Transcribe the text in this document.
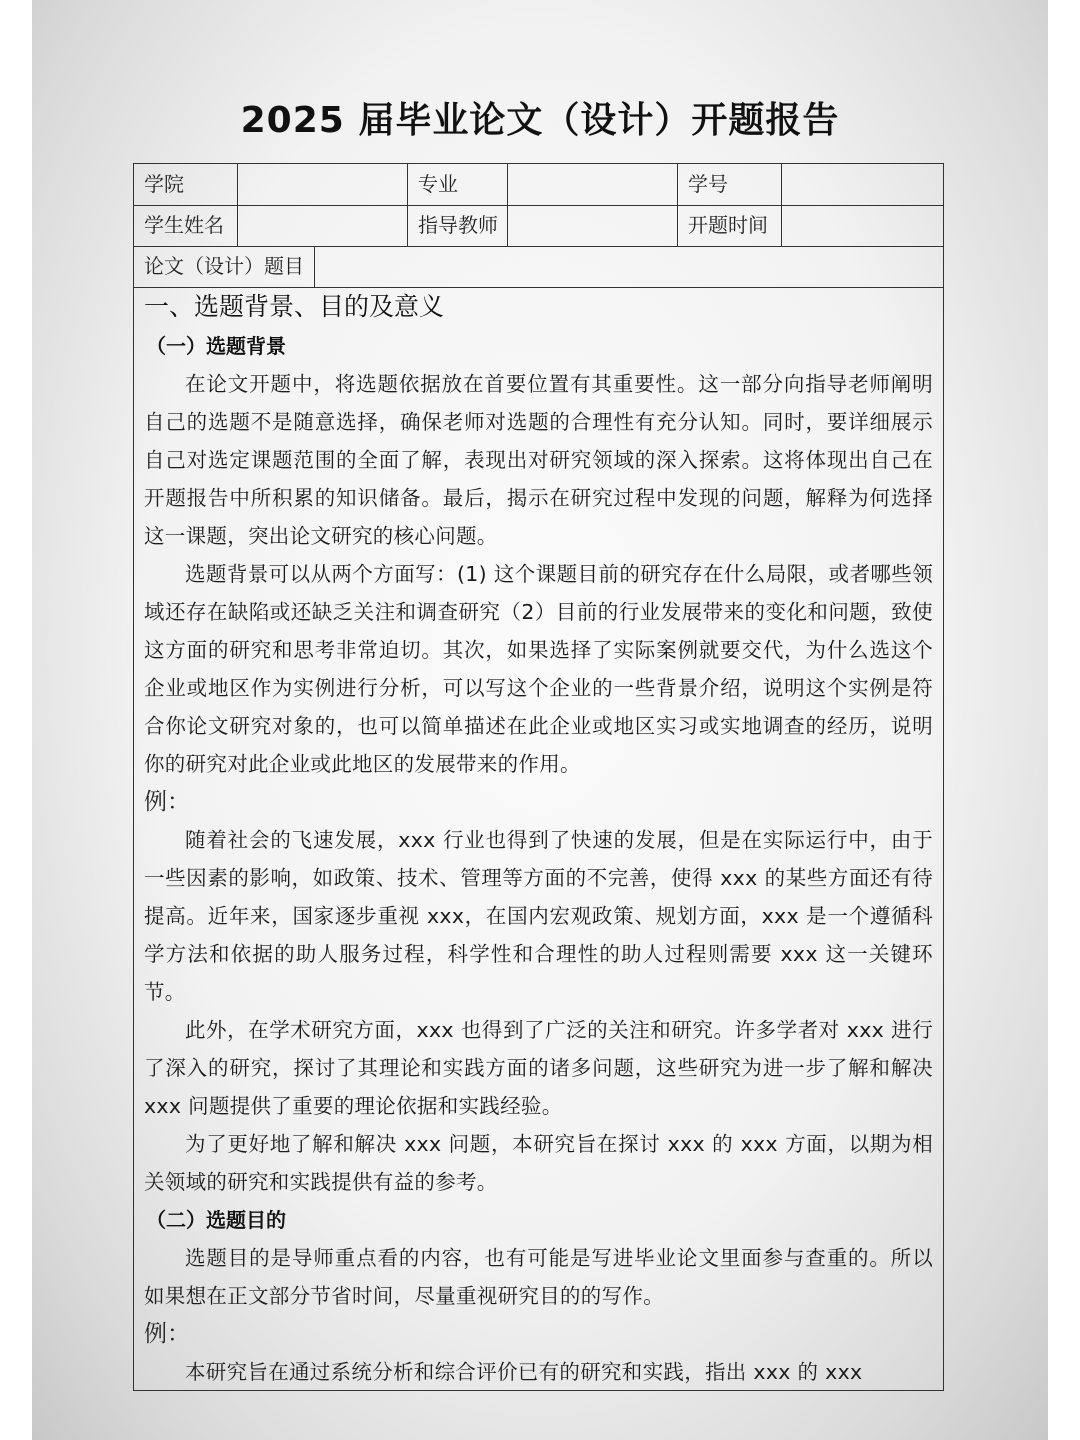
2025 届毕业论文（设计）开题报告
学院	专业	学号
学生姓名	指导教师	开题时间
论文（设计）题目
一、选题背景、目的及意义
（一）选题背景

在论文开题中，将选题依据放在首要位置有其重要性。这一部分向指导老师阐明自己的选题不是随意选择，确保老师对选题的合理性有充分认知。同时，要详细展示自己对选定课题范围的全面了解，表现出对研究领域的深入探索。这将体现出自己在开题报告中所积累的知识储备。最后，揭示在研究过程中发现的问题，解释为何选择这一课题，突出论文研究的核心问题。

选题背景可以从两个方面写：(1) 这个课题目前的研究存在什么局限，或者哪些领域还存在缺陷或还缺乏关注和调查研究（2）目前的行业发展带来的变化和问题，致使这方面的研究和思考非常迫切。其次，如果选择了实际案例就要交代，为什么选这个企业或地区作为实例进行分析，可以写这个企业的一些背景介绍，说明这个实例是符合你论文研究对象的，也可以简单描述在此企业或地区实习或实地调查的经历，说明你的研究对此企业或此地区的发展带来的作用。

例：

随着社会的飞速发展，xxx 行业也得到了快速的发展，但是在实际运行中，由于一些因素的影响，如政策、技术、管理等方面的不完善，使得 xxx 的某些方面还有待提高。近年来，国家逐步重视 xxx，在国内宏观政策、规划方面，xxx 是一个遵循科学方法和依据的助人服务过程，科学性和合理性的助人过程则需要 xxx 这一关键环节。

此外，在学术研究方面，xxx 也得到了广泛的关注和研究。许多学者对 xxx 进行了深入的研究，探讨了其理论和实践方面的诸多问题，这些研究为进一步了解和解决 xxx 问题提供了重要的理论依据和实践经验。

为了更好地了解和解决 xxx 问题，本研究旨在探讨 xxx 的 xxx 方面，以期为相关领域的研究和实践提供有益的参考。

（二）选题目的

选题目的是导师重点看的内容，也有可能是写进毕业论文里面参与查重的。所以如果想在正文部分节省时间，尽量重视研究目的的写作。

例：

本研究旨在通过系统分析和综合评价已有的研究和实践，指出 xxx 的 xxx
